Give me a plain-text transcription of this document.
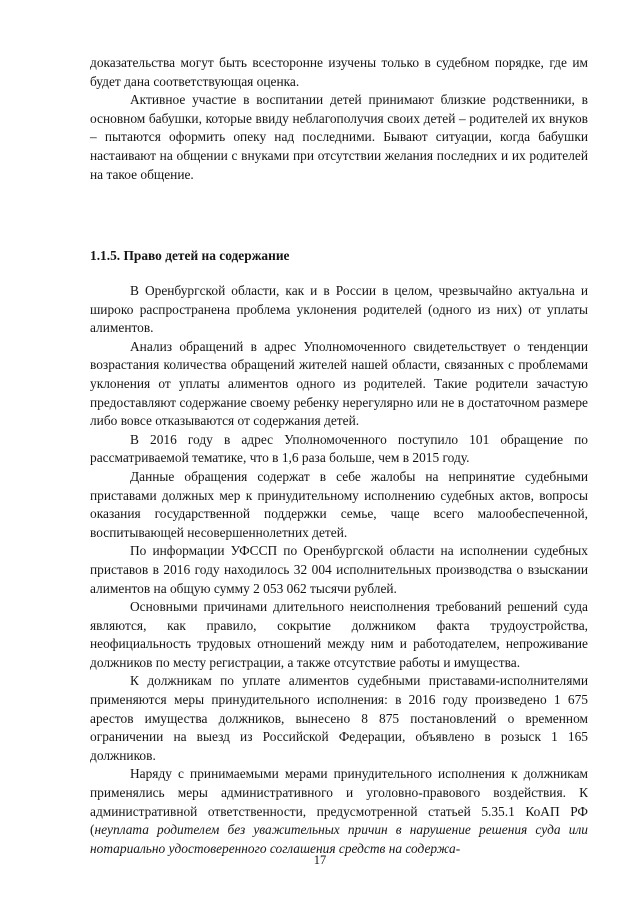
доказательства могут быть всесторонне изучены только в судебном порядке, где им будет дана соответствующая оценка.

Активное участие в воспитании детей принимают близкие родственники, в основном бабушки, которые ввиду неблагополучия своих детей – родителей их внуков – пытаются оформить опеку над последними. Бывают ситуации, когда бабушки настаивают на общении с внуками при отсутствии желания последних и их родителей на такое общение.

1.1.5. Право детей на содержание

В Оренбургской области, как и в России в целом, чрезвычайно актуальна и широко распространена проблема уклонения родителей (одного из них) от уплаты алиментов.

Анализ обращений в адрес Уполномоченного свидетельствует о тенденции возрастания количества обращений жителей нашей области, связанных с проблемами уклонения от уплаты алиментов одного из родителей. Такие родители зачастую предоставляют содержание своему ребенку нерегулярно или не в достаточном размере либо вовсе отказываются от содержания детей.

В 2016 году в адрес Уполномоченного поступило 101 обращение по рассматриваемой тематике, что в 1,6 раза больше, чем в 2015 году.

Данные обращения содержат в себе жалобы на непринятие судебными приставами должных мер к принудительному исполнению судебных актов, вопросы оказания государственной поддержки семье, чаще всего малообеспеченной, воспитывающей несовершеннолетних детей.

По информации УФССП по Оренбургской области на исполнении судебных приставов в 2016 году находилось 32 004 исполнительных производства о взыскании алиментов на общую сумму 2 053 062 тысячи рублей.

Основными причинами длительного неисполнения требований решений суда являются, как правило, сокрытие должником факта трудоустройства, неофициальность трудовых отношений между ним и работодателем, непроживание должников по месту регистрации, а также отсутствие работы и имущества.

К должникам по уплате алиментов судебными приставами-исполнителями применяются меры принудительного исполнения: в 2016 году произведено 1 675 арестов имущества должников, вынесено 8 875 постановлений о временном ограничении на выезд из Российской Федерации, объявлено в розыск 1 165 должников.

Наряду с принимаемыми мерами принудительного исполнения к должникам применялись меры административного и уголовно-правового воздействия. К административной ответственности, предусмотренной статьей 5.35.1 КоАП РФ (неуплата родителем без уважительных причин в нарушение решения суда или нотариально удостоверенного соглашения средств на содержа-

17
